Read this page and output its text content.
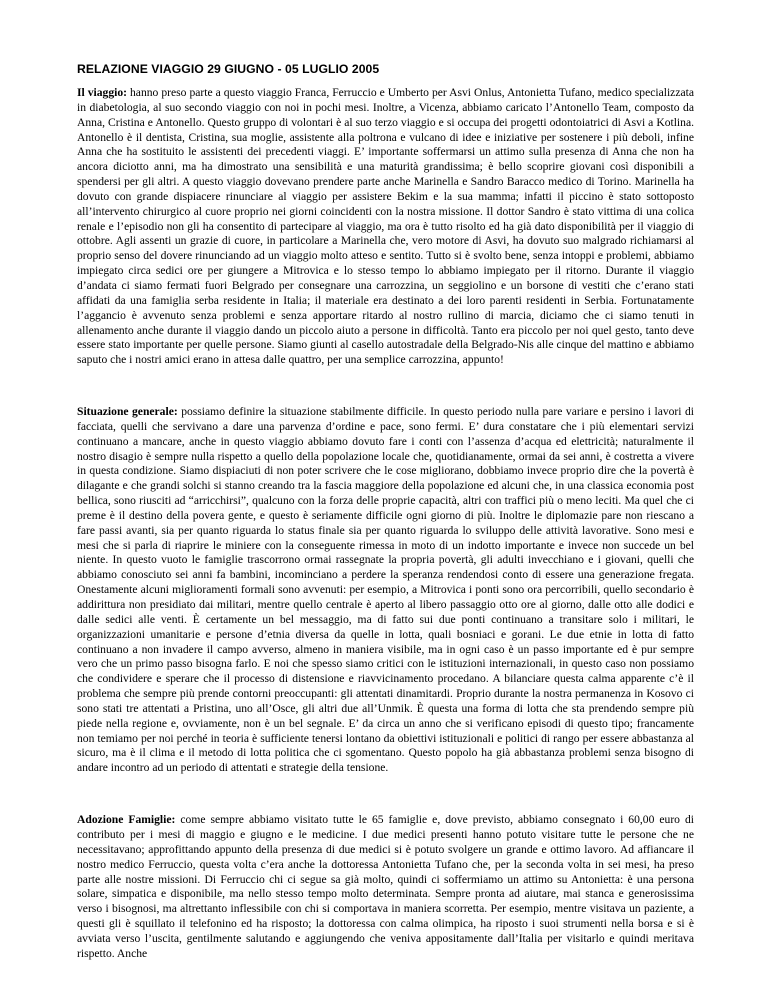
RELAZIONE VIAGGIO 29 GIUGNO - 05 LUGLIO 2005

Il viaggio: hanno preso parte a questo viaggio Franca, Ferruccio e Umberto per Asvi Onlus, Antonietta Tufano, medico specializzata in diabetologia, al suo secondo viaggio con noi in pochi mesi. Inoltre, a Vicenza, abbiamo caricato l’Antonello Team, composto da Anna, Cristina e Antonello. Questo gruppo di volontari è al suo terzo viaggio e si occupa dei progetti odontoiatrici di Asvi a Kotlina. Antonello è il dentista, Cristina, sua moglie, assistente alla poltrona e vulcano di idee e iniziative per sostenere i più deboli, infine Anna che ha sostituito le assistenti dei precedenti viaggi. E’ importante soffermarsi un attimo sulla presenza di Anna che non ha ancora diciotto anni, ma ha dimostrato una sensibilità e una maturità grandissima; è bello scoprire giovani così disponibili a spendersi per gli altri. A questo viaggio dovevano prendere parte anche Marinella e Sandro Baracco medico di Torino. Marinella ha dovuto con grande dispiacere rinunciare al viaggio per assistere Bekim e la sua mamma; infatti il piccino è stato sottoposto all’intervento chirurgico al cuore proprio nei giorni coincidenti con la nostra missione. Il dottor Sandro è stato vittima di una colica renale e l’episodio non gli ha consentito di partecipare al viaggio, ma ora è tutto risolto ed ha già dato disponibilità per il viaggio di ottobre. Agli assenti un grazie di cuore, in particolare a Marinella che, vero motore di Asvi, ha dovuto suo malgrado richiamarsi al proprio senso del dovere rinunciando ad un viaggio molto atteso e sentito. Tutto si è svolto bene, senza intoppi e problemi, abbiamo impiegato circa sedici ore per giungere a Mitrovica e lo stesso tempo lo abbiamo impiegato per il ritorno. Durante il viaggio d’andata ci siamo fermati fuori Belgrado per consegnare una carrozzina, un seggiolino e un borsone di vestiti che c’erano stati affidati da una famiglia serba residente in Italia; il materiale era destinato a dei loro parenti residenti in Serbia. Fortunatamente l’aggancio è avvenuto senza problemi e senza apportare ritardo al nostro rullino di marcia, diciamo che ci siamo tenuti in allenamento anche durante il viaggio dando un piccolo aiuto a persone in difficoltà. Tanto era piccolo per noi quel gesto, tanto deve essere stato importante per quelle persone. Siamo giunti al casello autostradale della Belgrado-Nis alle cinque del mattino e abbiamo saputo che i nostri amici erano in attesa dalle quattro, per una semplice carrozzina, appunto!

Situazione generale: possiamo definire la situazione stabilmente difficile. In questo periodo nulla pare variare e persino i lavori di facciata, quelli che servivano a dare una parvenza d’ordine e pace, sono fermi. E’ dura constatare che i più elementari servizi continuano a mancare, anche in questo viaggio abbiamo dovuto fare i conti con l’assenza d’acqua ed elettricità; naturalmente il nostro disagio è sempre nulla rispetto a quello della popolazione locale che, quotidianamente, ormai da sei anni, è costretta a vivere in questa condizione. Siamo dispiaciuti di non poter scrivere che le cose migliorano, dobbiamo invece proprio dire che la povertà è dilagante e che grandi solchi si stanno creando tra la fascia maggiore della popolazione ed alcuni che, in una classica economia post bellica, sono riusciti ad “arricchirsi”, qualcuno con la forza delle proprie capacità, altri con traffici più o meno leciti. Ma quel che ci preme è il destino della povera gente, e questo è seriamente difficile ogni giorno di più. Inoltre le diplomazie pare non riescano a fare passi avanti, sia per quanto riguarda lo status finale sia per quanto riguarda lo sviluppo delle attività lavorative. Sono mesi e mesi che si parla di riaprire le miniere con la conseguente rimessa in moto di un indotto importante e invece non succede un bel niente. In questo vuoto le famiglie trascorrono ormai rassegnate la propria povertà, gli adulti invecchiano e i giovani, quelli che abbiamo conosciuto sei anni fa bambini, incominciano a perdere la speranza rendendosi conto di essere una generazione fregata. Onestamente alcuni miglioramenti formali sono avvenuti: per esempio, a Mitrovica i ponti sono ora percorribili, quello secondario è addirittura non presidiato dai militari, mentre quello centrale è aperto al libero passaggio otto ore al giorno, dalle otto alle dodici e dalle sedici alle venti. È certamente un bel messaggio, ma di fatto sui due ponti continuano a transitare solo i militari, le organizzazioni umanitarie e persone d’etnia diversa da quelle in lotta, quali bosniaci e gorani. Le due etnie in lotta di fatto continuano a non invadere il campo avverso, almeno in maniera visibile, ma in ogni caso è un passo importante ed è pur sempre vero che un primo passo bisogna farlo. E noi che spesso siamo critici con le istituzioni internazionali, in questo caso non possiamo che condividere e sperare che il processo di distensione e riavvicinamento procedano. A bilanciare questa calma apparente c’è il problema che sempre più prende contorni preoccupanti: gli attentati dinamitardi. Proprio durante la nostra permanenza in Kosovo ci sono stati tre attentati a Pristina, uno all’Osce, gli altri due all’Unmik. È questa una forma di lotta che sta prendendo sempre più piede nella regione e, ovviamente, non è un bel segnale. E’ da circa un anno che si verificano episodi di questo tipo; francamente non temiamo per noi perché in teoria è sufficiente tenersi lontano da obiettivi istituzionali e politici di rango per essere abbastanza al sicuro, ma è il clima e il metodo di lotta politica che ci sgomentano. Questo popolo ha già abbastanza problemi senza bisogno di andare incontro ad un periodo di attentati e strategie della tensione.

Adozione Famiglie: come sempre abbiamo visitato tutte le 65 famiglie e, dove previsto, abbiamo consegnato i 60,00 euro di contributo per i mesi di maggio e giugno e le medicine. I due medici presenti hanno potuto visitare tutte le persone che ne necessitavano; approfittando appunto della presenza di due medici si è potuto svolgere un grande e ottimo lavoro. Ad affiancare il nostro medico Ferruccio, questa volta c’era anche la dottoressa Antonietta Tufano che, per la seconda volta in sei mesi, ha preso parte alle nostre missioni. Di Ferruccio chi ci segue sa già molto, quindi ci soffermiamo un attimo su Antonietta: è una persona solare, simpatica e disponibile, ma nello stesso tempo molto determinata. Sempre pronta ad aiutare, mai stanca e generosissima verso i bisognosi, ma altrettanto inflessibile con chi si comportava in maniera scorretta. Per esempio, mentre visitava un paziente, a questi gli è squillato il telefonino ed ha risposto; la dottoressa con calma olimpica, ha riposto i suoi strumenti nella borsa e si è avviata verso l’uscita, gentilmente salutando e aggiungendo che veniva appositamente dall’Italia per visitarlo e quindi meritava rispetto. Anche
